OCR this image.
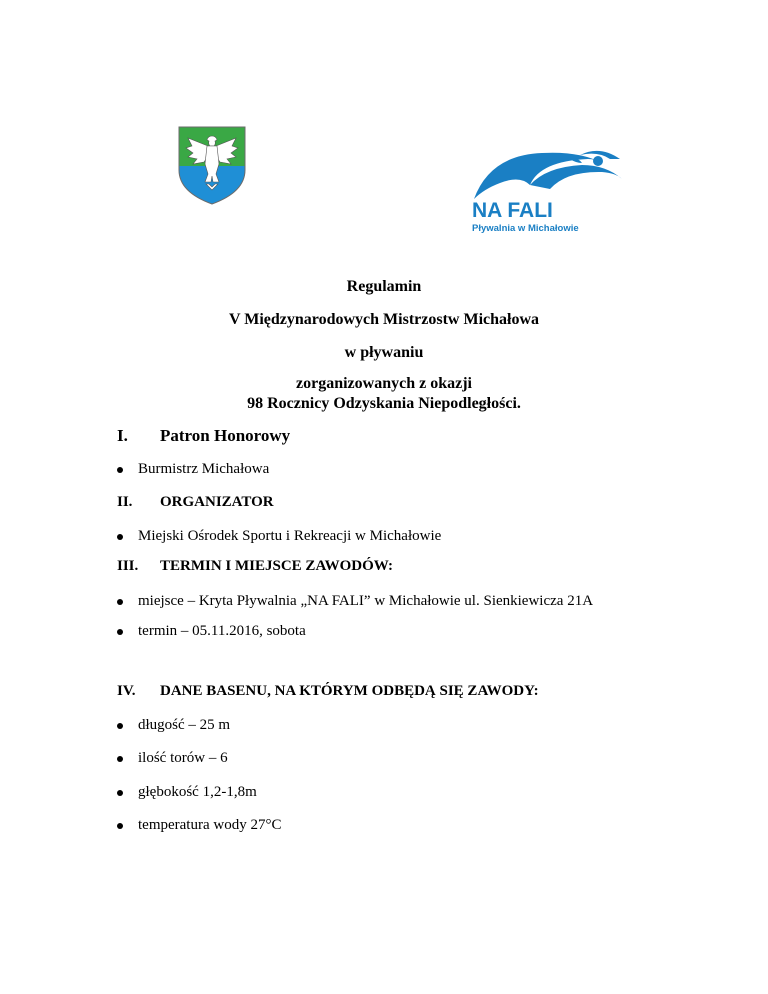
NA FALI
Pływalnia w Michałowie
Regulamin
V Międzynarodowych Mistrzostw Michałowa
w pływaniu
zorganizowanych z okazji
98 Rocznicy Odzyskania Niepodległości.
I. Patron Honorowy
Burmistrz Michałowa
II. ORGANIZATOR
Miejski Ośrodek Sportu i Rekreacji w Michałowie
III. TERMIN I MIEJSCE ZAWODÓW:
miejsce – Kryta Pływalnia „NA FALI” w Michałowie ul. Sienkiewicza 21A
termin – 05.11.2016, sobota
IV. DANE BASENU, NA KTÓRYM ODBĘDĄ SIĘ ZAWODY:
długość – 25 m
ilość torów – 6
głębokość 1,2-1,8m
temperatura wody 27°C
